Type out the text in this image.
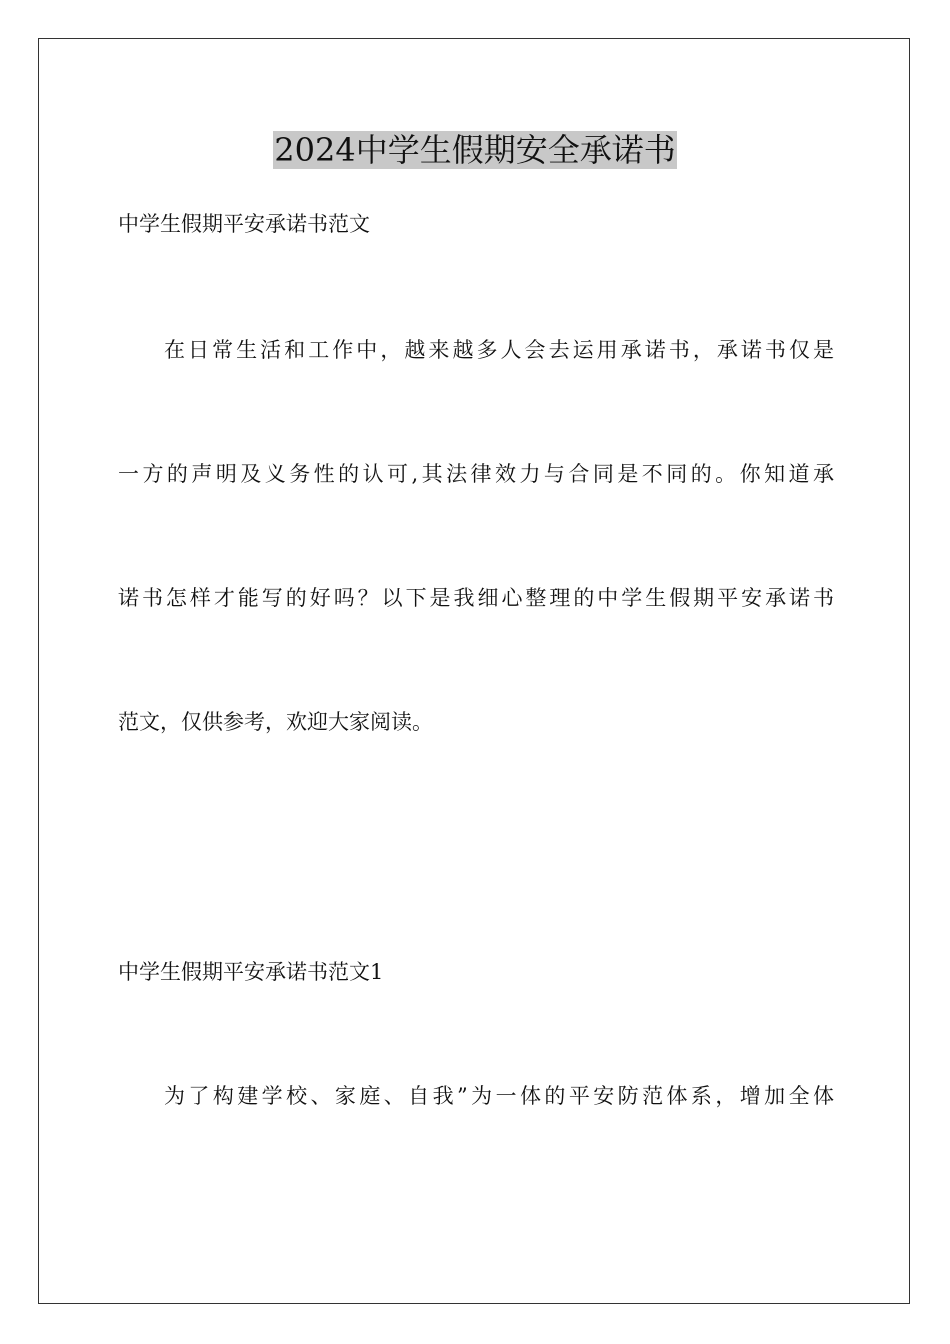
2024中学生假期安全承诺书
中学生假期平安承诺书范文
在日常生活和工作中，越来越多人会去运用承诺书，承诺书仅是
一方的声明及义务性的认可,其法律效力与合同是不同的。你知道承
诺书怎样才能写的好吗？以下是我细心整理的中学生假期平安承诺书
范文，仅供参考，欢迎大家阅读。
中学生假期平安承诺书范文1
为了构建学校、家庭、自我”为一体的平安防范体系，增加全体
